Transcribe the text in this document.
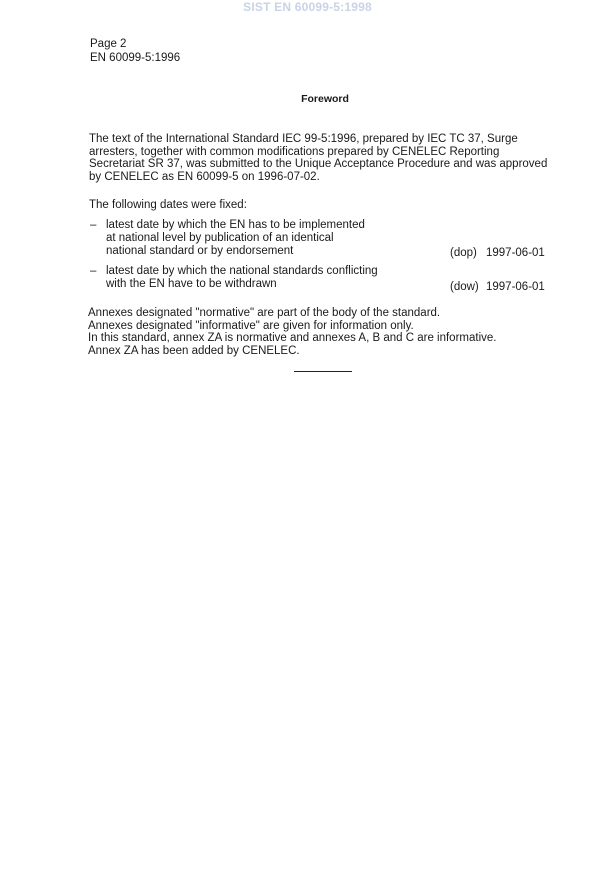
SIST EN 60099-5:1998
Page 2
EN 60099-5:1996
Foreword
The text of the International Standard IEC 99-5:1996, prepared by IEC TC 37, Surge
arresters, together with common modifications prepared by CENELEC Reporting
Secretariat SR 37, was submitted to the Unique Acceptance Procedure and was approved
by CENELEC as EN 60099-5 on 1996-07-02.
The following dates were fixed:
– latest date by which the EN has to be implemented
at national level by publication of an identical
national standard or by endorsement	(dop) 1997-06-01
– latest date by which the national standards conflicting
with the EN have to be withdrawn	(dow) 1997-06-01
Annexes designated "normative" are part of the body of the standard.
Annexes designated "informative" are given for information only.
In this standard, annex ZA is normative and annexes A, B and C are informative.
Annex ZA has been added by CENELEC.
